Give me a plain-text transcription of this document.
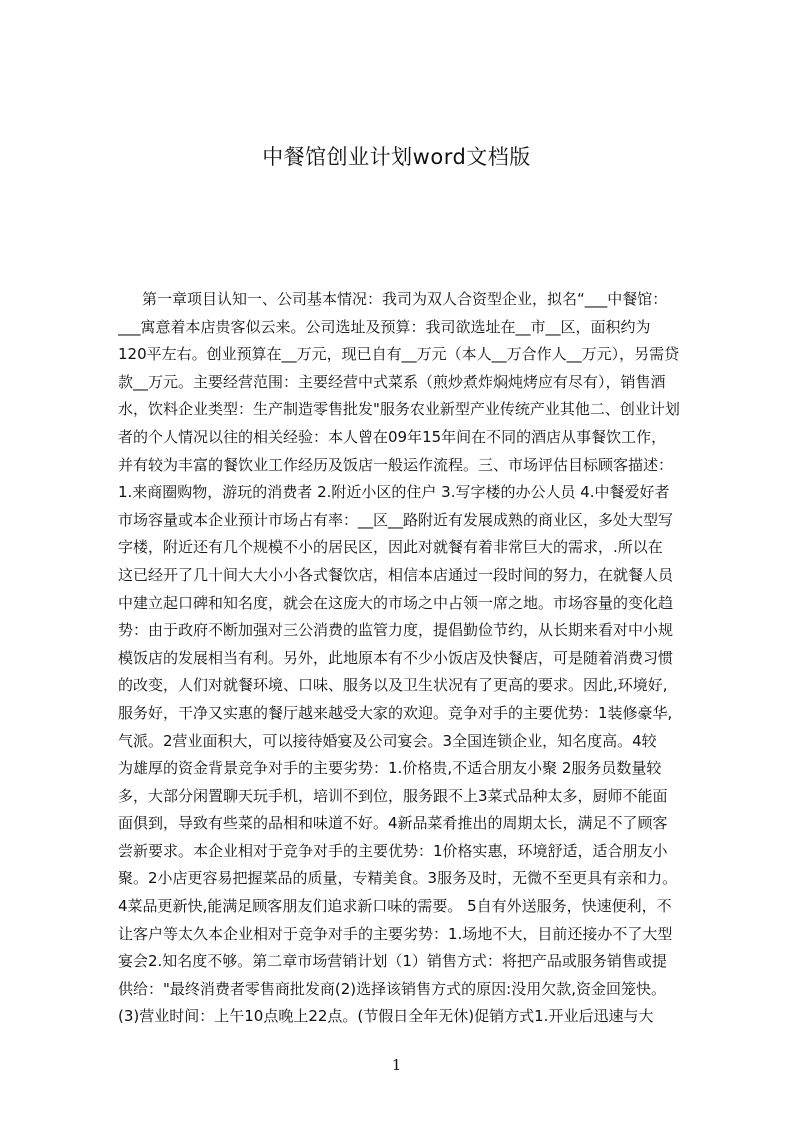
中餐馆创业计划word文档版
第一章项目认知一、公司基本情况：我司为双人合资型企业，拟名“___中餐馆：
___寓意着本店贵客似云来。公司选址及预算：我司欲选址在__市__区，面积约为
120平左右。创业预算在__万元，现已自有__万元（本人__万合作人__万元），另需贷
款__万元。主要经营范围：主要经营中式菜系（煎炒煮炸焖炖烤应有尽有），销售酒
水，饮料企业类型：生产制造零售批发"服务农业新型产业传统产业其他二、创业计划
者的个人情况以往的相关经验：本人曾在09年15年间在不同的酒店从事餐饮工作，
并有较为丰富的餐饮业工作经历及饭店一般运作流程。三、市场评估目标顾客描述：
1.来商圈购物，游玩的消费者 2.附近小区的住户 3.写字楼的办公人员 4.中餐爱好者
市场容量或本企业预计市场占有率：__区__路附近有发展成熟的商业区，多处大型写
字楼，附近还有几个规模不小的居民区，因此对就餐有着非常巨大的需求，.所以在
这已经开了几十间大大小小各式餐饮店，相信本店通过一段时间的努力，在就餐人员
中建立起口碑和知名度，就会在这庞大的市场之中占领一席之地。市场容量的变化趋
势：由于政府不断加强对三公消费的监管力度，提倡勤俭节约，从长期来看对中小规
模饭店的发展相当有利。另外，此地原本有不少小饭店及快餐店，可是随着消费习惯
的改变，人们对就餐环境、口味、服务以及卫生状况有了更高的要求。因此,环境好,
服务好，干净又实惠的餐厅越来越受大家的欢迎。竞争对手的主要优势：1装修豪华,
气派。2营业面积大，可以接待婚宴及公司宴会。3全国连锁企业，知名度高。4较
为雄厚的资金背景竞争对手的主要劣势：1.价格贵,不适合朋友小聚 2服务员数量较
多，大部分闲置聊天玩手机，培训不到位，服务跟不上3菜式品种太多，厨师不能面
面俱到，导致有些菜的品相和味道不好。4新品菜肴推出的周期太长，满足不了顾客
尝新要求。本企业相对于竞争对手的主要优势：1价格实惠，环境舒适，适合朋友小
聚。2小店更容易把握菜品的质量，专精美食。3服务及时，无微不至更具有亲和力。
4菜品更新快,能满足顾客朋友们追求新口味的需要。 5自有外送服务，快速便利，不
让客户等太久本企业相对于竞争对手的主要劣势：1.场地不大，目前还接办不了大型
宴会2.知名度不够。第二章市场营销计划（1）销售方式：将把产品或服务销售或提
供给："最终消费者零售商批发商(2)选择该销售方式的原因:没用欠款,资金回笼快。
(3)营业时间：上午10点晚上22点。(节假日全年无休)促销方式1.开业后迅速与大
1
